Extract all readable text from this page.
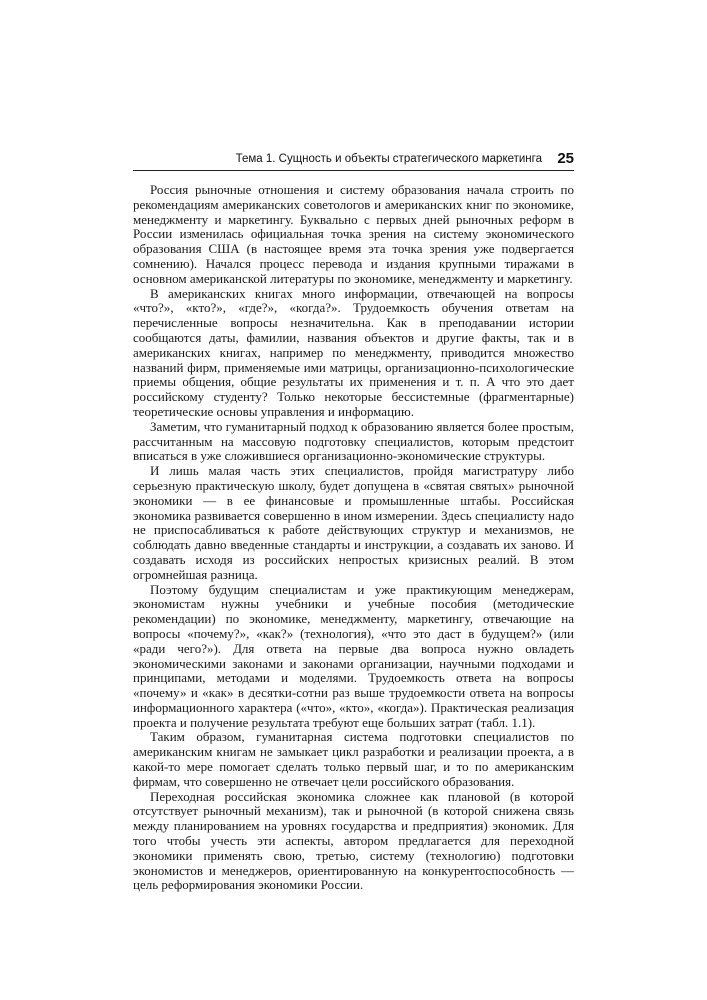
Тема 1. Сущность и объекты стратегического маркетинга 25

Россия рыночные отношения и систему образования начала строить по рекомендациям американских советологов и американских книг по экономике, менеджменту и маркетингу. Буквально с первых дней рыночных реформ в России изменилась официальная точка зрения на систему экономического образования США (в настоящее время эта точка зрения уже подвергается сомнению). Начался процесс перевода и издания крупными тиражами в основном американской литературы по экономике, менеджменту и маркетингу.

В американских книгах много информации, отвечающей на вопросы «что?», «кто?», «где?», «когда?». Трудоемкость обучения ответам на перечисленные вопросы незначительна. Как в преподавании истории сообщаются даты, фамилии, названия объектов и другие факты, так и в американских книгах, например по менеджменту, приводится множество названий фирм, применяемые ими матрицы, организационно-психологические приемы общения, общие результаты их применения и т. п. А что это дает российскому студенту? Только некоторые бессистемные (фрагментарные) теоретические основы управления и информацию.

Заметим, что гуманитарный подход к образованию является более простым, рассчитанным на массовую подготовку специалистов, которым предстоит вписаться в уже сложившиеся организационно-экономические структуры.

И лишь малая часть этих специалистов, пройдя магистратуру либо серьезную практическую школу, будет допущена в «святая святых» рыночной экономики — в ее финансовые и промышленные штабы. Российская экономика развивается совершенно в ином измерении. Здесь специалисту надо не приспосабливаться к работе действующих структур и механизмов, не соблюдать давно введенные стандарты и инструкции, а создавать их заново. И создавать исходя из российских непростых кризисных реалий. В этом огромнейшая разница.

Поэтому будущим специалистам и уже практикующим менеджерам, экономистам нужны учебники и учебные пособия (методические рекомендации) по экономике, менеджменту, маркетингу, отвечающие на вопросы «почему?», «как?» (технология), «что это даст в будущем?» (или «ради чего?»). Для ответа на первые два вопроса нужно овладеть экономическими законами и законами организации, научными подходами и принципами, методами и моделями. Трудоемкость ответа на вопросы «почему» и «как» в десятки-сотни раз выше трудоемкости ответа на вопросы информационного характера («что», «кто», «когда»). Практическая реализация проекта и получение результата требуют еще больших затрат (табл. 1.1).

Таким образом, гуманитарная система подготовки специалистов по американским книгам не замыкает цикл разработки и реализации проекта, а в какой-то мере помогает сделать только первый шаг, и то по американским фирмам, что совершенно не отвечает цели российского образования.

Переходная российская экономика сложнее как плановой (в которой отсутствует рыночный механизм), так и рыночной (в которой снижена связь между планированием на уровнях государства и предприятия) экономик. Для того чтобы учесть эти аспекты, автором предлагается для переходной экономики применять свою, третью, систему (технологию) подготовки экономистов и менеджеров, ориентированную на конкурентоспособность — цель реформирования экономики России.
